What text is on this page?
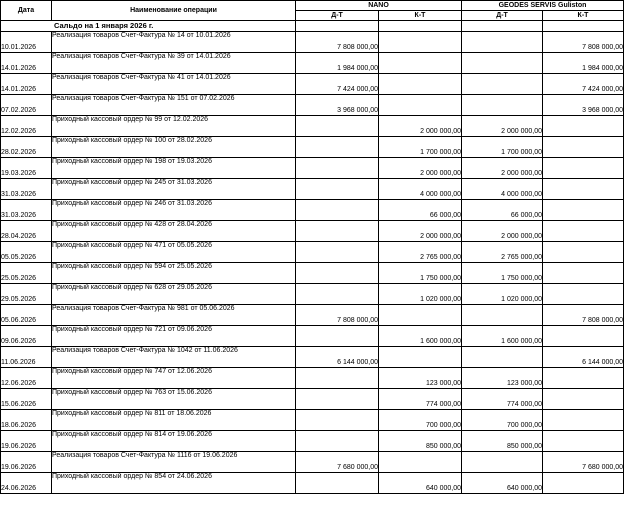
Дата	Наименование операции	NANO		GEODES SERVIS Guliston	
		Д-Т	К-Т	Д-Т	К-Т
Сальдо на 1 января 2026 г.					
10.01.2026	Реализация товаров Счет-Фактура № 14 от 10.01.2026	7 808 000,00			7 808 000,00
14.01.2026	Реализация товаров Счет-Фактура № 39 от 14.01.2026	1 984 000,00			1 984 000,00
14.01.2026	Реализация товаров Счет-Фактура № 41 от 14.01.2026	7 424 000,00			7 424 000,00
07.02.2026	Реализация товаров Счет-Фактура № 151 от 07.02.2026	3 968 000,00			3 968 000,00
12.02.2026	Приходный кассовый ордер № 99 от 12.02.2026		2 000 000,00	2 000 000,00	
28.02.2026	Приходный кассовый ордер № 100 от 28.02.2026		1 700 000,00	1 700 000,00	
19.03.2026	Приходный кассовый ордер № 198 от 19.03.2026		2 000 000,00	2 000 000,00	
31.03.2026	Приходный кассовый ордер № 245 от 31.03.2026		4 000 000,00	4 000 000,00	
31.03.2026	Приходный кассовый ордер № 246 от 31.03.2026		66 000,00	66 000,00	
28.04.2026	Приходный кассовый ордер № 428 от 28.04.2026		2 000 000,00	2 000 000,00	
05.05.2026	Приходный кассовый ордер № 471 от 05.05.2026		2 765 000,00	2 765 000,00	
25.05.2026	Приходный кассовый ордер № 594 от 25.05.2026		1 750 000,00	1 750 000,00	
29.05.2026	Приходный кассовый ордер № 628 от 29.05.2026		1 020 000,00	1 020 000,00	
05.06.2026	Реализация товаров Счет-Фактура № 981 от 05.06.2026	7 808 000,00			7 808 000,00
09.06.2026	Приходный кассовый ордер № 721 от 09.06.2026		1 600 000,00	1 600 000,00	
11.06.2026	Реализация товаров Счет-Фактура № 1042 от 11.06.2026	6 144 000,00			6 144 000,00
12.06.2026	Приходный кассовый ордер № 747 от 12.06.2026		123 000,00	123 000,00	
15.06.2026	Приходный кассовый ордер № 763 от 15.06.2026		774 000,00	774 000,00	
18.06.2026	Приходный кассовый ордер № 811 от 18.06.2026		700 000,00	700 000,00	
19.06.2026	Приходный кассовый ордер № 814 от 19.06.2026		850 000,00	850 000,00	
19.06.2026	Реализация товаров Счет-Фактура № 1116 от 19.06.2026	7 680 000,00			7 680 000,00
24.06.2026	Приходный кассовый ордер № 854 от 24.06.2026		640 000,00	640 000,00	
